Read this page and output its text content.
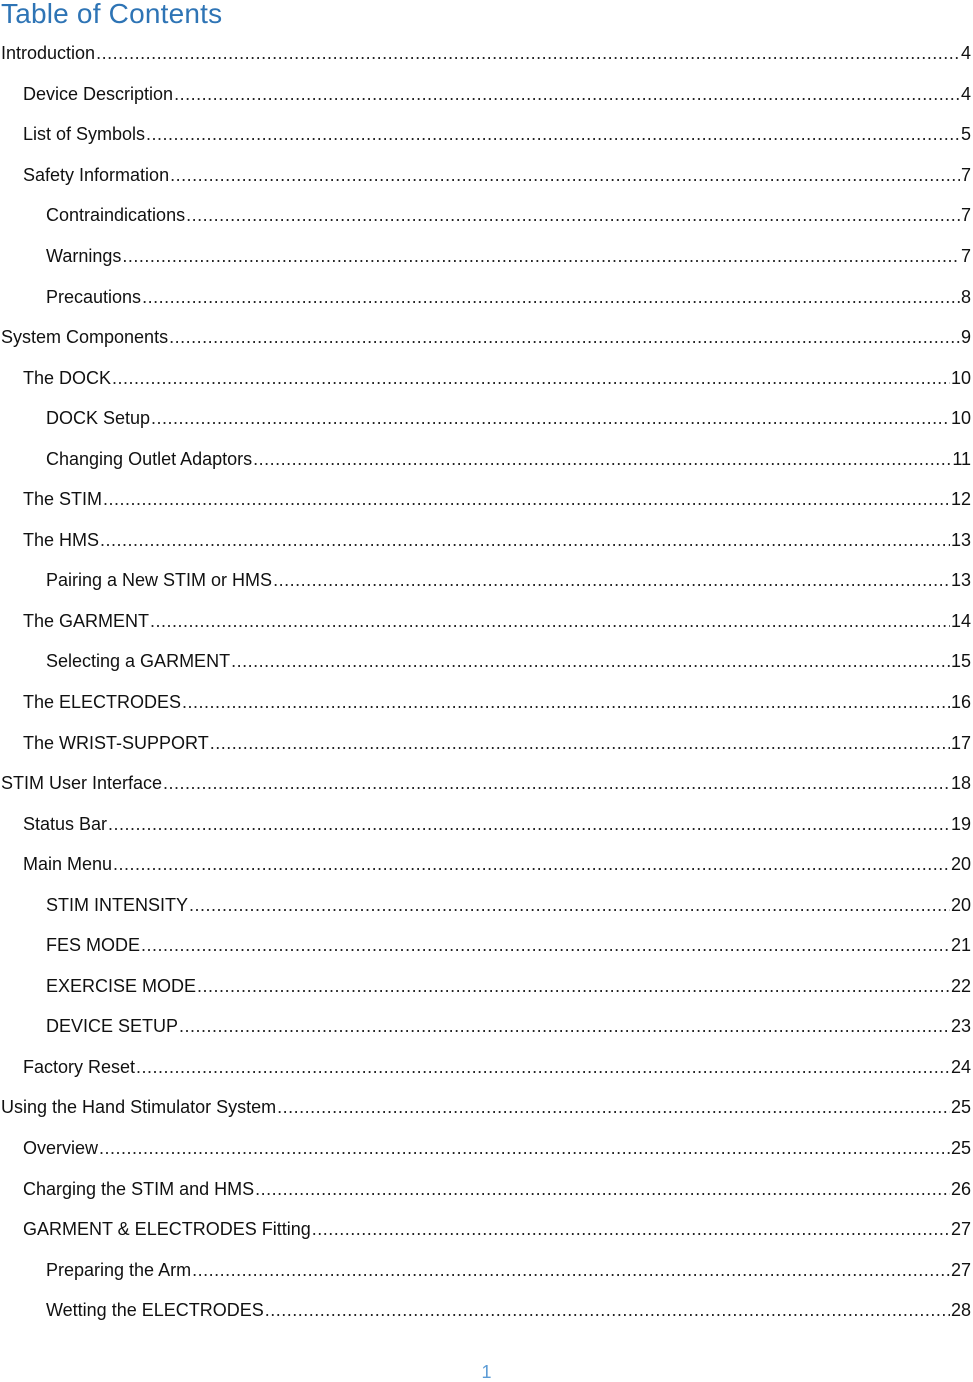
Table of Contents
Introduction .....	4
Device Description .....	4
List of Symbols .....	5
Safety Information .....	7
Contraindications .....	7
Warnings .....	7
Precautions .....	8
System Components .....	9
The DOCK .....	10
DOCK Setup .....	10
Changing Outlet Adaptors .....	11
The STIM .....	12
The HMS .....	13
Pairing a New STIM or HMS .....	13
The GARMENT .....	14
Selecting a GARMENT .....	15
The ELECTRODES .....	16
The WRIST-SUPPORT .....	17
STIM User Interface .....	18
Status Bar .....	19
Main Menu .....	20
STIM INTENSITY .....	20
FES MODE .....	21
EXERCISE MODE .....	22
DEVICE SETUP .....	23
Factory Reset .....	24
Using the Hand Stimulator System .....	25
Overview .....	25
Charging the STIM and HMS .....	26
GARMENT & ELECTRODES Fitting .....	27
Preparing the Arm .....	27
Wetting the ELECTRODES .....	28
1
